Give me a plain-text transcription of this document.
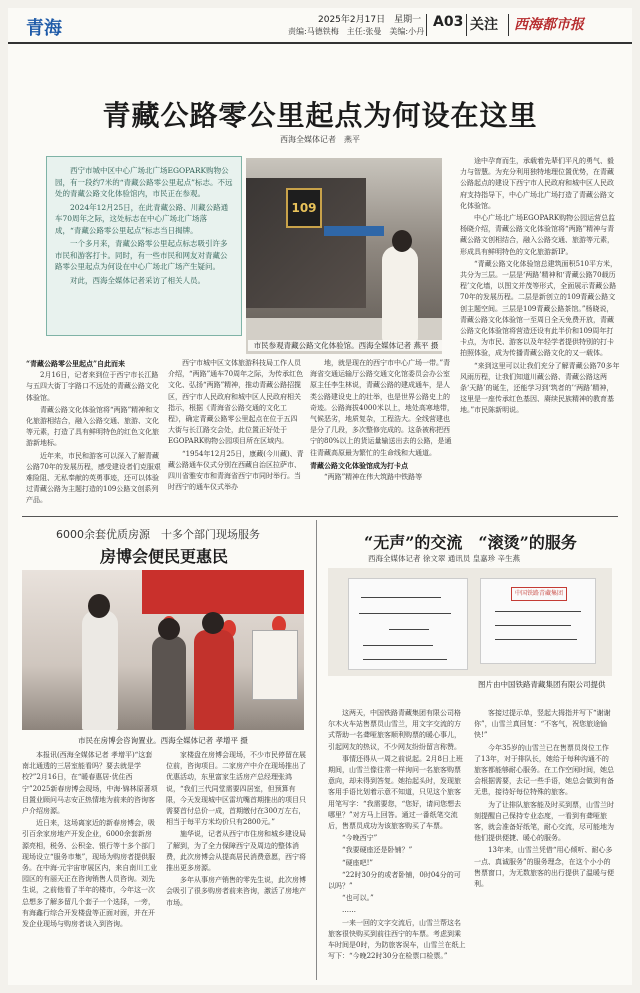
青海	2025年2月17日　星期一
责编:马德铁梅　主任:张曼　美编:小丹
A03 关注 西海都市报
青藏公路零公里起点为何设在这里
西海全媒体记者　燕平

西宁市城中区中心广场北广场EGOPARK购物公园，有一段约7米的“青藏公路零公里起点”标志。不远处的青藏公路文化体验馆内，市民正在参观。

2024年12月25日，在此青藏公路、川藏公路通车70周年之际，这处标志在中心广场北广场落成，“青藏公路零公里起点”标志当日揭牌。

一个多月来，青藏公路零公里起点标志吸引许多市民和游客打卡。同时，有一些市民和网友对青藏公路零公里起点为何设在中心广场北广场产生疑问。

对此，西海全媒体记者采访了相关人员。

109
市民参观青藏公路文化体验馆。西海全媒体记者 燕平 摄

“青藏公路零公里起点”自此而来

2月16日，记者来到位于西宁市长江路与五四大街丁字路口不远处的青藏公路文化体验馆。

青藏公路文化体验馆将“两路”精神和文化旅游相结合，融入公路交通、旅游、文化等元素，打造了具有鲜明特色的红色文化旅游新地标。

近年来，市民和游客可以深入了解青藏公路70年的发展历程，感受建设者们克服艰难险阻、无私奉献的英勇事迹，还可以体验过青藏公路为主题打造的109公路文创系列产品。

西宁市城中区文体旅游科技局工作人员介绍，“两路”通车70周年之际，为传承红色文化、弘扬“两路”精神，推动青藏公路招揽区，西宁市人民政府和城中区人民政府相关指示，根据《青海省公路交通的文化工程》，确定青藏公路零公里起点在位于五四大街与长江路交会处，此位置正好处于EGOPARK购物公园项目所在区域内。

“1954年12月25日，康藏(今川藏)、青藏公路通车仪式分别在西藏自治区拉萨市、四川省雅安市和青海省西宁市同时举行。当时西宁的通车仪式举办

地，就是现在的西宁市中心广场一带。”青海省交通运输厅公路交通文化馆委员会办公室原主任李生林说，青藏公路的建成通车，是人类公路建设史上的壮举，也是世界公路史上的奇迹。公路海拔4000米以上，地处高寒地带，气候恶劣，地质复杂，工程浩大。全线营建也是分了几段，多次整修完成的。这条被称把西宁的80%以上的货运量输送出去的公路，是通往青藏高原最为繁忙的生命线和大通道。

青藏公路文化体验馆成为打卡点

“两路”精神在伟大筑路中铁路等

途中孕育而生，承载着先辈们平凡的勇气、毅力与智慧。为充分利用独特地理位置优势，在青藏公路起点的建设下西宁市人民政府和城中区人民政府支持指导下，中心广场北广场打造了青藏公路文化体验馆。

中心广场北广场EGOPARK购物公园运营总监杨晓介绍，青藏公路文化体验馆将“两路”精神与青藏公路文创相结合，融入公路交通、旅游等元素，形成具有鲜明特色的文化旅游新IP。

“青藏公路文化体验馆总建筑面积510平方米，共分为三层。一层是‘两路’精神和‘青藏公路70载历程’文化墙，以图文并茂等形式，全面展示青藏公路70年的发展历程。二层是新创立的109青藏公路文创主题空间。三层是109青藏公路茶馆。”杨晓说，青藏公路文化体验馆一至周日全天免费开放，青藏公路文化体验馆将营造还设有此半价和109周年打卡点，为市民、游客以及年轻学者提供特别的打卡拍照体验，成为传播青藏公路文化的又一载体。

“来到这里可以让我们充分了解青藏公路70多年风雨历程，让我们知道川藏公路、青藏公路这两条‘天路’的诞生，还能学习到‘筑者的’‘两路’精神，这里是一座传承红色基因、赓续民族精神的教育基地。”市民陈新明说。

6000余套优质房源　十多个部门现场服务
房博会便民更惠民
市民在房博会咨询置业。西海全媒体记者 孝增平 摄

本报讯(西海全媒体记者 孝增平)“这套南北通透的三居室能看吗？要去就是学校?”2月16日，在“暖春惠居·优住西宁”2025新春房博会现场，中海·锦林原著项目置业顾问马志安正热情地为前来的咨询客户介绍房源。

近日来，这场离家近的新春房博会，吸引百余家房地产开发企业，6000余套新房源亮相，税务、公积金、银行等十多个部门现场设立“服务市集”，现场为购房者提供服务。在中海·元宇宙审展区内，来自南川工业园区的有丽天正在咨询销售人员咨询。刘先生说，之前他看了半年的楼市，今年这一次总想多了解多留几个套子一个选择，一旁，有海鑫行综合开发楼盘等正面对面，并在开发企业现场与购房者谈入到咨询。

家楼盘在房博会现场，不少市民停留在展位前，咨询项目。二家房产中介在现场推出了优惠活动，东里富家生活房产总经理张鸿说，“我们三代同堂需要四居室，但预算有限，今天发现城中区雷坑嘴首期推出的项目只需要首付总价一成，首期缴付在300万左右，相当于每平方米均价只有2800元。”

施华说，记者从西宁市住房和城乡建设局了解到，为了全力保障西宁及周边的整体消费，此次房博会从提高居民消费意愿，西宁将推出更多房源。

多年从事房产销售的零先生说，此次房博会吸引了很多购房者前来咨询，激活了房地产市场。

“无声”的交流　“滚烫”的服务
西海全媒体记者 徐文翠 通讯员 皇嘉珍 辛生燕
中国铁路青藏集团
图片由中国铁路青藏集团有限公司提供

这两天，中国铁路青藏集团有限公司格尔木火车站售票员山雪兰，用文字交流的方式帮助一名聋哑旅客顺利购票的暖心事儿，引起网友的热议，不少网友纷纷留言称赞。

事情还得从一周之前说起。2月8日上班期间，山雪兰像往常一样询问一名旅客购票意向，却未得到答复。她抬起头时，发现旅客用手语比划着示意不知道，只见这个旅客用笔写字：“我需要您，“您好，请问您想去哪里？”对方马上回答。通过一番纸笔交流后，售票员成功为该旅客购买了车票。

“今晚西宁”

“我要硬座还是卧铺？”

“硬座吧!”

“22时30分的或者卧铺，0时04分的可以吗？”

“也可以。”

……

一来一回的文字交流后，山雪兰帮这名旅客很快购买到前往西宁的车票。考虑到乘车时间是0时，为防旅客误车，山雪兰在纸上写下：“今晚22时30分在检票口检票。”

客接过提示单，竖起大拇指并写下“谢谢你”，山雪兰真回复：“不客气，祝您旅途愉快!”

今年35岁的山雪兰已在售票员岗位工作了13年，对于排队长，她给于每种沟通不的旅客都能够耐心服务。在工作空闲时间，她总会根据需要，去记一些手语，她总会做到有备无患，接待好每位特殊的旅客。

为了让排队旅客能及时买到票，山雪兰时刻提醒自己保持专业态度，一看到有聋哑旅客，就会准备好纸笔，耐心交流，尽可能地为他们提供便捷、暖心的服务。

13年来，山雪兰凭借“用心倾听、耐心多一点、真诚服务”的服务理念，在这个小小的售票窗口，为无数旅客的出行提供了温暖与便利。
